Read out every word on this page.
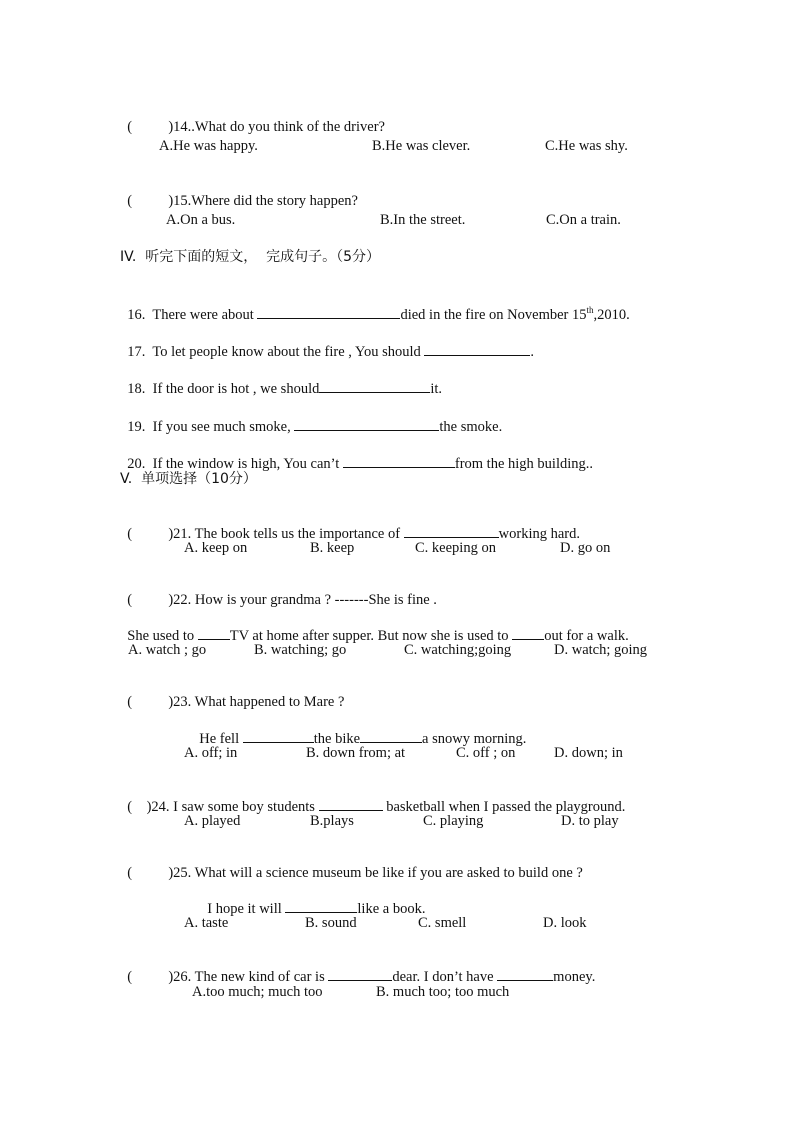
(          )14..What do you think of the driver?

A.He was happy.	B.He was clever.	C.He was shy.

(          )15.Where did the story happen?

A.On a bus.	B.In the street.	C.On a train.
IV.  听完下面的短文，  完成句子。（5分）

16. There were about	died in the fire on November 15th,2010.

17. To let people know about the fire , You should	.

18. If the door is hot , we should	it.

19. If you see much smoke,	the smoke.

20. If the window is high, You can’t	from the high building..

V.  单项选择（10分）

(          )21. The book tells us the importance of	working hard.

A. keep on	B. keep	C. keeping on	D. go on

(          )22. How is your grandma ? -------She is fine .

She used to TV at home after supper. But now she is used to out for a walk.

A. watch ; go	B. watching; go	C. watching;going	D. watch; going

(          )23. What happened to Mare ?

He fell	the bike	a snowy morning.

A. off; in	B. down from; at	C. off ; on	D. down; in

(    )24. I saw some boy students	basketball when I passed the playground.

A. played	B.plays	C. playing	D. to play

(          )25. What will a science museum be like if you are asked to build one ?

I hope it will	like a book.

A. taste	B. sound	C. smell	D. look

(          )26. The new kind of car is	dear. I don’t have	money.

A.too much; much too	B. much too; too much
